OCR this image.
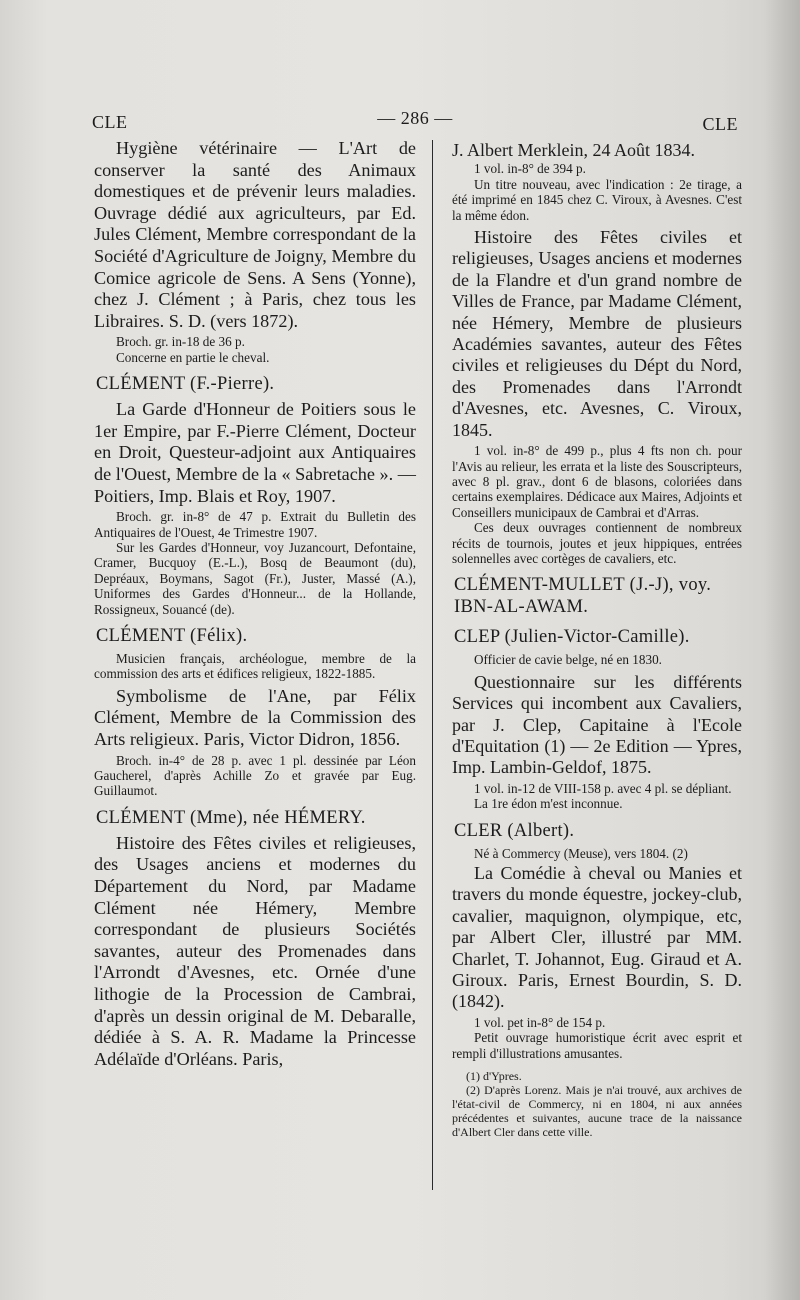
CLE	— 286 —	CLE

Hygiène vétérinaire — L'Art de conserver la santé des Animaux domestiques et de prévenir leurs maladies. Ouvrage dédié aux agriculteurs, par Ed. Jules Clément, Membre correspondant de la Société d'Agriculture de Joigny, Membre du Comice agricole de Sens. A Sens (Yonne), chez J. Clément ; à Paris, chez tous les Libraires. S. D. (vers 1872).

Broch. gr. in-18 de 36 p.

Concerne en partie le cheval.

CLÉMENT (F.-Pierre).

La Garde d'Honneur de Poitiers sous le 1er Empire, par F.-Pierre Clément, Docteur en Droit, Questeur-adjoint aux Antiquaires de l'Ouest, Membre de la « Sabretache ». — Poitiers, Imp. Blais et Roy, 1907.

Broch. gr. in-8° de 47 p. Extrait du Bulletin des Antiquaires de l'Ouest, 4e Trimestre 1907.

Sur les Gardes d'Honneur, voy Juzancourt, Defontaine, Cramer, Bucquoy (E.-L.), Bosq de Beaumont (du), Depréaux, Boymans, Sagot (Fr.), Juster, Massé (A.), Uniformes des Gardes d'Honneur... de la Hollande, Rossigneux, Souancé (de).

CLÉMENT (Félix).

Musicien français, archéologue, membre de la commission des arts et édifices religieux, 1822-1885.

Symbolisme de l'Ane, par Félix Clément, Membre de la Commission des Arts religieux. Paris, Victor Didron, 1856.

Broch. in-4° de 28 p. avec 1 pl. dessinée par Léon Gaucherel, d'après Achille Zo et gravée par Eug. Guillaumot.

CLÉMENT (Mme), née HÉMERY.

Histoire des Fêtes civiles et religieuses, des Usages anciens et modernes du Département du Nord, par Madame Clément née Hémery, Membre correspondant de plusieurs Sociétés savantes, auteur des Promenades dans l'Arrondt d'Avesnes, etc. Ornée d'une lithogie de la Procession de Cambrai, d'après un dessin original de M. Debaralle, dédiée à S. A. R. Madame la Princesse Adélaïde d'Orléans. Paris,

J. Albert Merklein, 24 Août 1834.

1 vol. in-8° de 394 p.

Un titre nouveau, avec l'indication : 2e tirage, a été imprimé en 1845 chez C. Viroux, à Avesnes. C'est la même édon.

Histoire des Fêtes civiles et religieuses, Usages anciens et modernes de la Flandre et d'un grand nombre de Villes de France, par Madame Clément, née Hémery, Membre de plusieurs Académies savantes, auteur des Fêtes civiles et religieuses du Dépt du Nord, des Promenades dans l'Arrondt d'Avesnes, etc. Avesnes, C. Viroux, 1845.

1 vol. in-8° de 499 p., plus 4 fts non ch. pour l'Avis au relieur, les errata et la liste des Souscripteurs, avec 8 pl. grav., dont 6 de blasons, coloriées dans certains exemplaires. Dédicace aux Maires, Adjoints et Conseillers municipaux de Cambrai et d'Arras.

Ces deux ouvrages contiennent de nombreux récits de tournois, joutes et jeux hippiques, entrées solennelles avec cortèges de cavaliers, etc.

CLÉMENT-MULLET (J.-J), voy. IBN-AL-AWAM.
CLEP (Julien-Victor-Camille).

Officier de cavie belge, né en 1830.

Questionnaire sur les différents Services qui incombent aux Cavaliers, par J. Clep, Capitaine à l'Ecole d'Equitation (1) — 2e Edition — Ypres, Imp. Lambin-Geldof, 1875.

1 vol. in-12 de VIII-158 p. avec 4 pl. se dépliant.

La 1re édon m'est inconnue.

CLER (Albert).

Né à Commercy (Meuse), vers 1804. (2)

La Comédie à cheval ou Manies et travers du monde équestre, jockey-club, cavalier, maquignon, olympique, etc, par Albert Cler, illustré par MM. Charlet, T. Johannot, Eug. Giraud et A. Giroux. Paris, Ernest Bourdin, S. D. (1842).

1 vol. pet in-8° de 154 p.

Petit ouvrage humoristique écrit avec esprit et rempli d'illustrations amusantes.

(1) d'Ypres.

(2) D'après Lorenz. Mais je n'ai trouvé, aux archives de l'état-civil de Commercy, ni en 1804, ni aux années précédentes et suivantes, aucune trace de la naissance d'Albert Cler dans cette ville.
